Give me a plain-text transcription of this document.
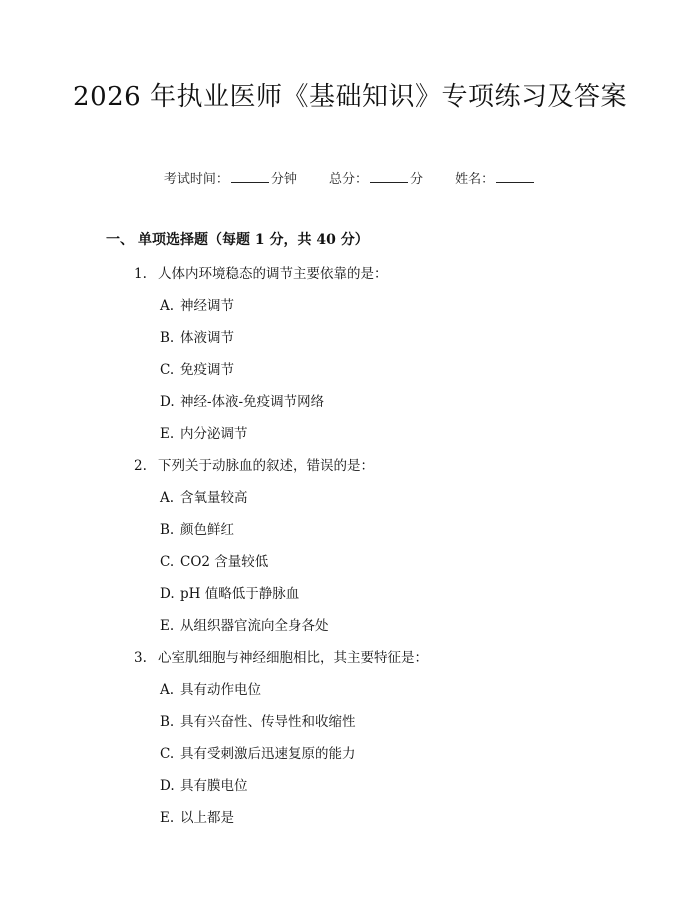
2026 年执业医师《基础知识》专项练习及答案
考试时间：	分钟 总分：	分 姓名：
一、 单项选择题（每题 1 分，共 40 分）
1. 人体内环境稳态的调节主要依靠的是：
A. 神经调节
B. 体液调节
C. 免疫调节
D. 神经-体液-免疫调节网络
E. 内分泌调节
2. 下列关于动脉血的叙述，错误的是：
A. 含氧量较高
B. 颜色鲜红
C. CO2 含量较低
D. pH 值略低于静脉血
E. 从组织器官流向全身各处
3. 心室肌细胞与神经细胞相比，其主要特征是：
A. 具有动作电位
B. 具有兴奋性、传导性和收缩性
C. 具有受刺激后迅速复原的能力
D. 具有膜电位
E. 以上都是
